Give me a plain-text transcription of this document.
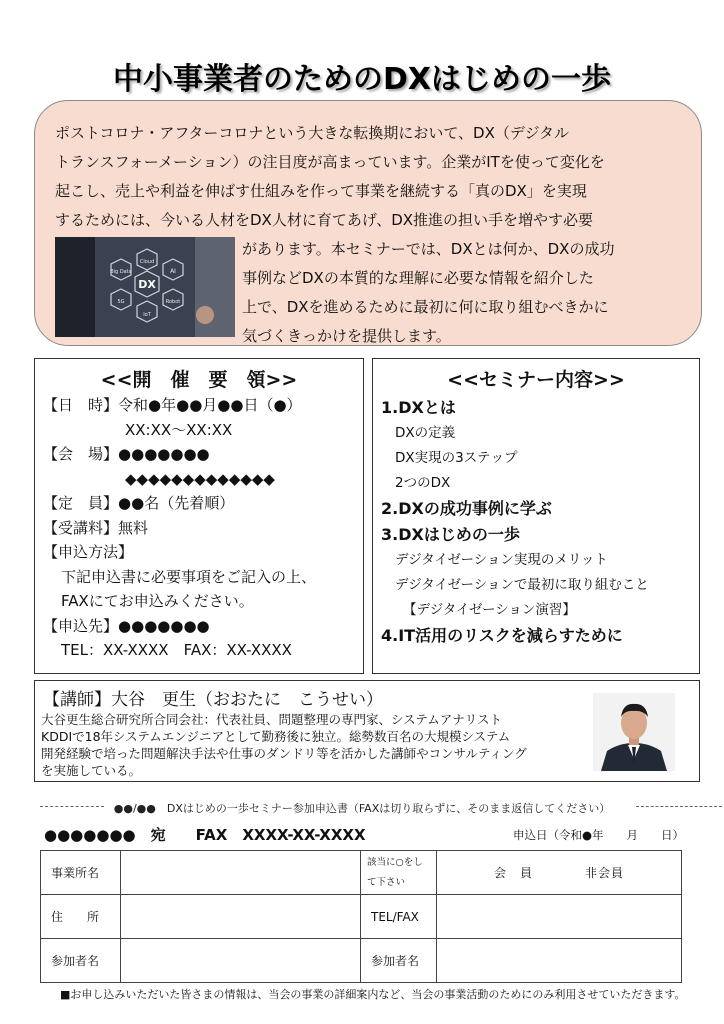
中小事業者のためのDXはじめの一歩
ポストコロナ・アフターコロナという大きな転換期において、DX（デジタル
トランスフォーメーション）の注目度が高まっています。企業がITを使って変化を
起こし、売上や利益を伸ばす仕組みを作って事業を継続する「真のDX」を実現
するためには、今いる人材をDX人材に育てあげ、DX推進の担い手を増やす必要
DX
Big Data
Cloud
AI
5G
IoT
Robot
があります。本セミナーでは、DXとは何か、DXの成功
事例などDXの本質的な理解に必要な情報を紹介した
上で、DXを進めるために最初に何に取り組むべきかに
気づくきっかけを提供します。
<<開　催　要　領>>
【日　時】令和●年●●月●●日（●）
XX:XX～XX:XX
【会　場】●●●●●●●
◆◆◆◆◆◆◆◆◆◆◆◆◆
【定　員】●●名（先着順）
【受講料】無料
【申込方法】
下記申込書に必要事項をご記入の上、
FAXにてお申込みください。
【申込先】●●●●●●●
TEL：XX-XXXX　FAX：XX-XXXX
<<セミナー内容>>
1.DXとは
DXの定義
DX実現の3ステップ
2つのDX
2.DXの成功事例に学ぶ
3.DXはじめの一歩
デジタイゼーション実現のメリット
デジタイゼーションで最初に取り組むこと
【デジタイゼーション演習】
4.IT活用のリスクを減らすために
【講師】大谷　更生（おおたに　こうせい）
大谷更生総合研究所合同会社：代表社員、問題整理の専門家、システムアナリスト
KDDIで18年システムエンジニアとして勤務後に独立。総勢数百名の大規模システム
開発経験で培った問題解決手法や仕事のダンドリ等を活かした講師やコンサルティング
を実施している。
●●/●●　DXはじめの一歩セミナー参加申込書（FAXは切り取らずに、そのまま返信してください）
●●●●●●●　宛　　FAX　XXXX-XX-XXXX	申込日（令和●年　　月　　日）
事業所名		該当に○をして下さい	会　員　　　　非会員
住　　所		TEL/FAX	
参加者名		参加者名	
■お申し込みいただいた皆さまの情報は、当会の事業の詳細案内など、当会の事業活動のためにのみ利用させていただきます。
